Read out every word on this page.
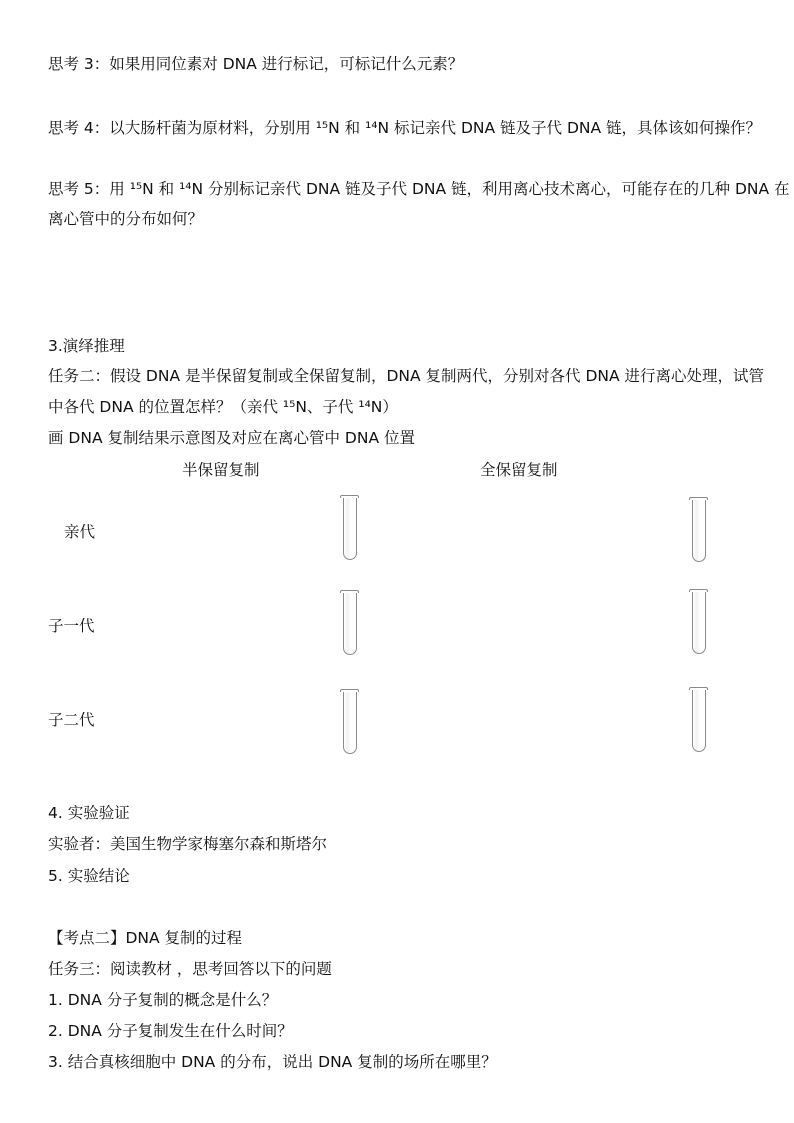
思考 3：如果用同位素对 DNA 进行标记，可标记什么元素？
思考 4：以大肠杆菌为原材料，分别用 ¹⁵N 和 ¹⁴N 标记亲代 DNA 链及子代 DNA 链，具体该如何操作？
思考 5：用 ¹⁵N 和 ¹⁴N 分别标记亲代 DNA 链及子代 DNA 链，利用离心技术离心，可能存在的几种 DNA 在
离心管中的分布如何？
3.演绎推理
任务二：假设 DNA 是半保留复制或全保留复制，DNA 复制两代，分别对各代 DNA 进行离心处理，试管
中各代 DNA 的位置怎样？（亲代 ¹⁵N、子代 ¹⁴N）
画 DNA 复制结果示意图及对应在离心管中 DNA 位置
半保留复制	全保留复制
亲代
子一代
子二代
4. 实验验证
实验者：美国生物学家梅塞尔森和斯塔尔
5. 实验结论
【考点二】DNA 复制的过程
任务三：阅读教材 ，思考回答以下的问题
1. DNA 分子复制的概念是什么？
2. DNA 分子复制发生在什么时间？
3. 结合真核细胞中 DNA 的分布，说出 DNA 复制的场所在哪里？
